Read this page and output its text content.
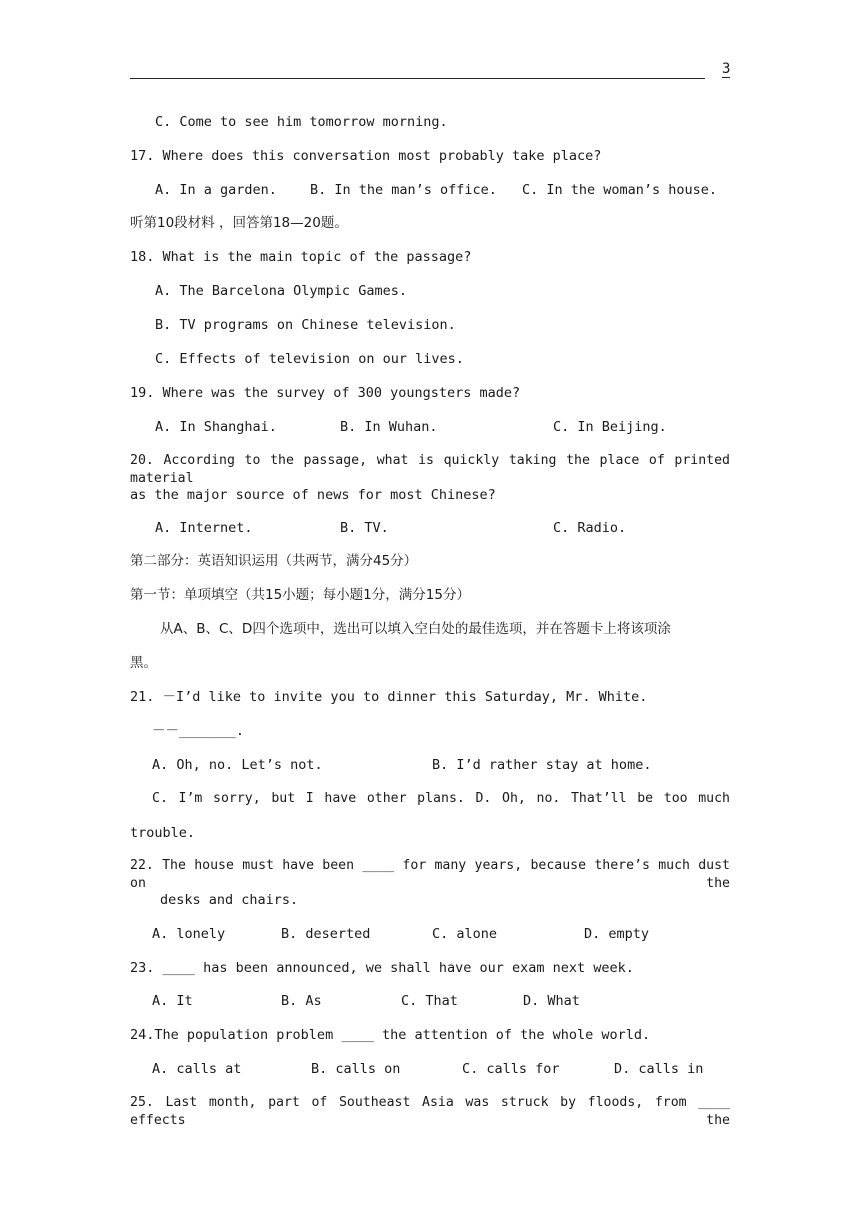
3
C. Come to see him tomorrow morning.
17. Where does this conversation most probably take place?
A. In a garden. B. In the man’s office. C. In the woman’s house.
听第10段材料 ，回答第18—20题。
18. What is the main topic of the passage?
A. The Barcelona Olympic Games.
B. TV programs on Chinese television.
C. Effects of television on our lives.
19. Where was the survey of 300 youngsters made?
A. In Shanghai.	B. In Wuhan.	C. In Beijing.
20. According to the passage, what is quickly taking the place of printed material
as the major source of news for most Chinese?
A. Internet.	B. TV.	C. Radio.
第二部分：英语知识运用（共两节，满分45分）
第一节：单项填空（共15小题；每小题1分，满分15分）
从A、B、C、D四个选项中，选出可以填入空白处的最佳选项，并在答题卡上将该项涂
黑。
21. －I’d like to invite you to dinner this Saturday, Mr. White.
－－_______.
A. Oh, no. Let’s not.	B. I’d rather stay at home.
C. I’m sorry, but I have other plans. D. Oh, no. That’ll be too much
trouble.
22. The house must have been ____ for many years, because there’s much dust on the
desks and chairs.
A. lonely	B. deserted	C. alone	D. empty
23. ____ has been announced, we shall have our exam next week.
A. It	B. As	C. That	D. What
24.The population problem ____ the attention of the whole world.
A. calls at	B. calls on	C. calls for	D. calls in
25. Last month, part of Southeast Asia was struck by floods, from ____ effects the
